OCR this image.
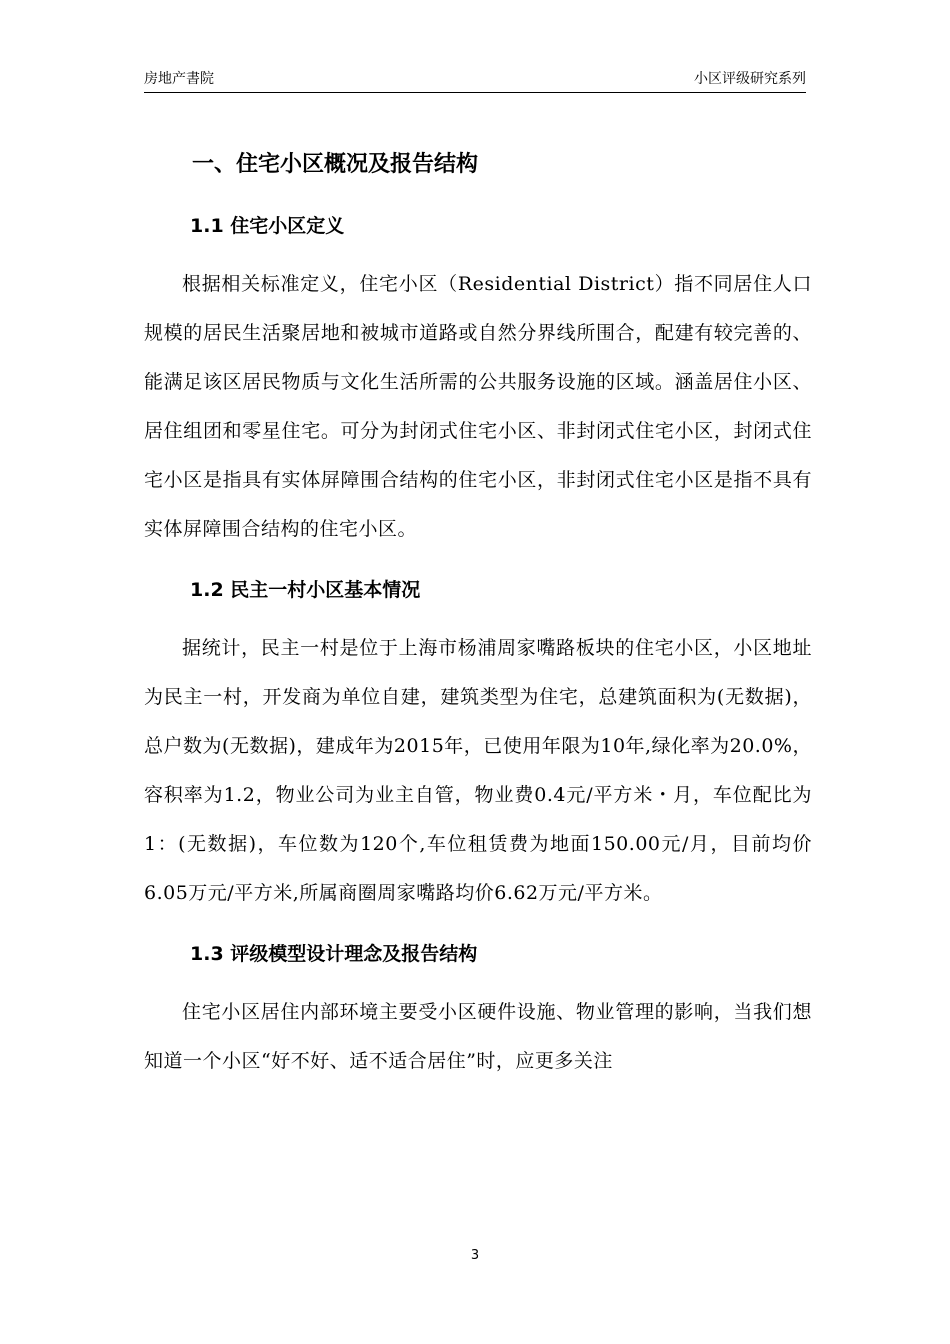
房地产書院	小区评级研究系列
一、住宅小区概况及报告结构
1.1 住宅小区定义

根据相关标准定义，住宅小区（Residential District）指不同居住人口规模的居民生活聚居地和被城市道路或自然分界线所围合，配建有较完善的、能满足该区居民物质与文化生活所需的公共服务设施的区域。涵盖居住小区、居住组团和零星住宅。可分为封闭式住宅小区、非封闭式住宅小区，封闭式住宅小区是指具有实体屏障围合结构的住宅小区，非封闭式住宅小区是指不具有实体屏障围合结构的住宅小区。

1.2 民主一村小区基本情况

据统计，民主一村是位于上海市杨浦周家嘴路板块的住宅小区，小区地址为民主一村，开发商为单位自建，建筑类型为住宅，总建筑面积为(无数据)，总户数为(无数据)，建成年为2015年，已使用年限为10年,绿化率为20.0%，容积率为1.2，物业公司为业主自管，物业费0.4元/平方米・月，车位配比为1：(无数据)，车位数为120个,车位租赁费为地面150.00元/月，目前均价6.05万元/平方米,所属商圈周家嘴路均价6.62万元/平方米。

1.3 评级模型设计理念及报告结构

住宅小区居住内部环境主要受小区硬件设施、物业管理的影响，当我们想知道一个小区“好不好、适不适合居住”时，应更多关注

3
